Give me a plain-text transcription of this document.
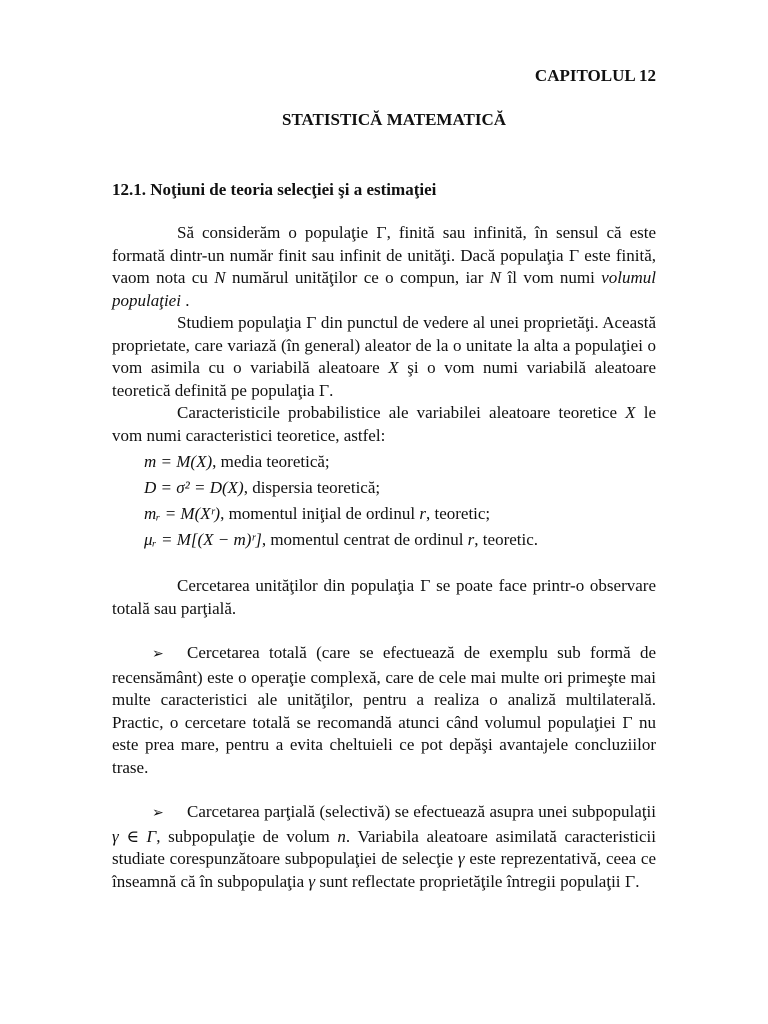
CAPITOLUL 12
STATISTICĂ MATEMATICĂ
12.1. Noţiuni de teoria selecţiei şi a estimaţiei

Să considerăm o populaţie Γ, finită sau infinită, în sensul că este formată dintr-un număr finit sau infinit de unităţi. Dacă populaţia Γ este finită, vaom nota cu N numărul unităţilor ce o compun, iar N îl vom numi volumul populaţiei .

Studiem populaţia Γ din punctul de vedere al unei proprietăţi. Această proprietate, care variază (în general) aleator de la o unitate la alta a populaţiei o vom asimila cu o variabilă aleatoare X şi o vom numi variabilă aleatoare teoretică definită pe populaţia Γ.

Caracteristicile probabilistice ale variabilei aleatoare teoretice X le vom numi caracteristici teoretice, astfel:

m = M(X), media teoretică;
D = σ² = D(X), dispersia teoretică;
mᵣ = M(Xʳ), momentul iniţial de ordinul r, teoretic;
μᵣ = M[(X − m)ʳ], momentul centrat de ordinul r, teoretic.

Cercetarea unităţilor din populaţia Γ se poate face printr-o observare totală sau parţială.

➢ Cercetarea totală (care se efectuează de exemplu sub formă de recensământ) este o operaţie complexă, care de cele mai multe ori primeşte mai multe caracteristici ale unităţilor, pentru a realiza o analiză multilaterală. Practic, o cercetare totală se recomandă atunci când volumul populaţiei Γ nu este prea mare, pentru a evita cheltuieli ce pot depăşi avantajele concluziilor trase.

➢ Carcetarea parţială (selectivă) se efectuează asupra unei subpopulaţii γ ∈ Γ, subpopulaţie de volum n. Variabila aleatoare asimilată caracteristicii studiate corespunzătoare subpopulaţiei de selecţie γ este reprezentativă, ceea ce înseamnă că în subpopulaţia γ sunt reflectate proprietăţile întregii populaţii Γ.
